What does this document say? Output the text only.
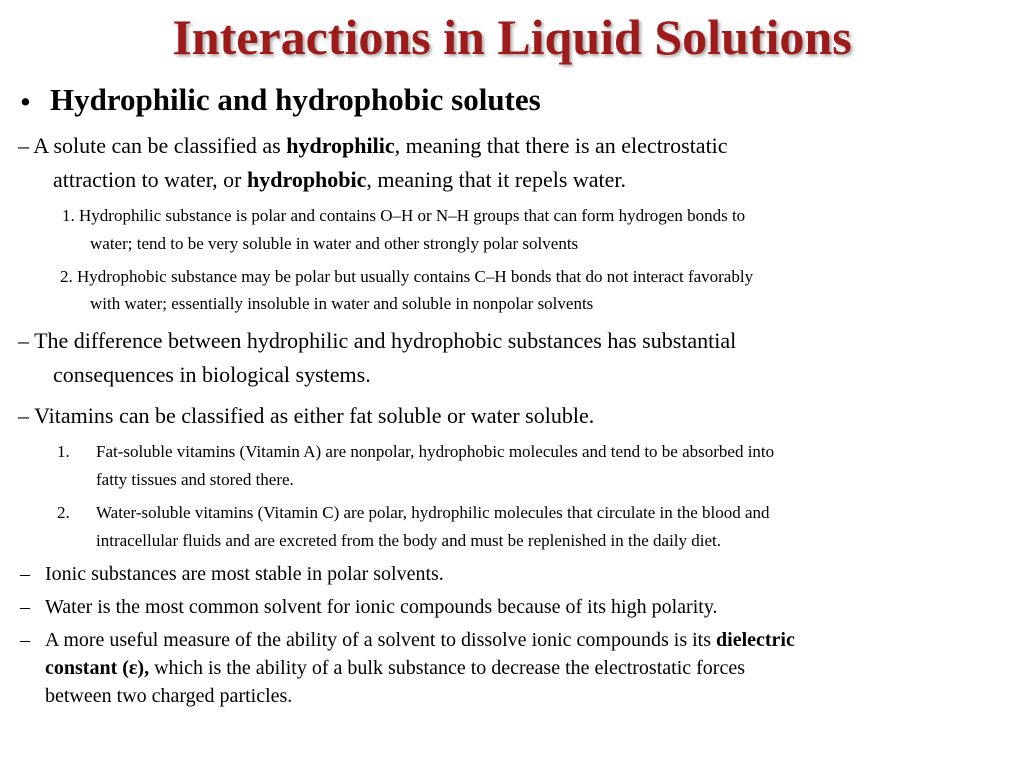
Interactions in Liquid Solutions
• Hydrophilic and hydrophobic solutes
– A solute can be classified as hydrophilic, meaning that there is an electrostatic
attraction to water, or hydrophobic, meaning that it repels water.
1. Hydrophilic substance is polar and contains O–H or N–H groups that can form hydrogen bonds to
water; tend to be very soluble in water and other strongly polar solvents
2. Hydrophobic substance may be polar but usually contains C–H bonds that do not interact favorably
with water; essentially insoluble in water and soluble in nonpolar solvents
– The difference between hydrophilic and hydrophobic substances has substantial
consequences in biological systems.
– Vitamins can be classified as either fat soluble or water soluble.
1. Fat-soluble vitamins (Vitamin A) are nonpolar, hydrophobic molecules and tend to be absorbed into
fatty tissues and stored there.
2. Water-soluble vitamins (Vitamin C) are polar, hydrophilic molecules that circulate in the blood and
intracellular fluids and are excreted from the body and must be replenished in the daily diet.
– Ionic substances are most stable in polar solvents.
– Water is the most common solvent for ionic compounds because of its high polarity.
– A more useful measure of the ability of a solvent to dissolve ionic compounds is its dielectric
constant (ε), which is the ability of a bulk substance to decrease the electrostatic forces
between two charged particles.
